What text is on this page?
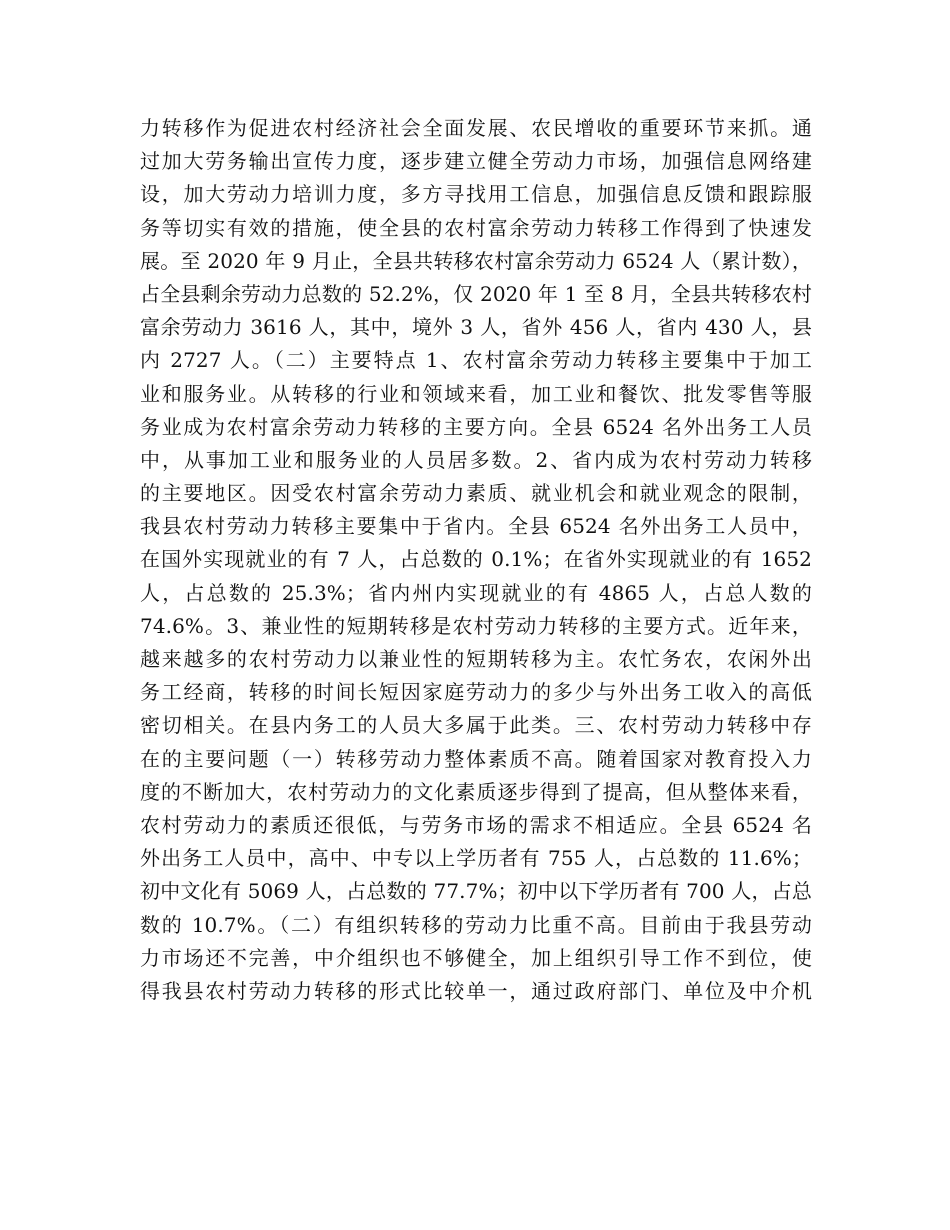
力转移作为促进农村经济社会全面发展、农民增收的重要环节来抓。通
过加大劳务输出宣传力度，逐步建立健全劳动力市场，加强信息网络建
设，加大劳动力培训力度，多方寻找用工信息，加强信息反馈和跟踪服
务等切实有效的措施，使全县的农村富余劳动力转移工作得到了快速发
展。至 2020 年 9 月止，全县共转移农村富余劳动力 6524 人（累计数），
占全县剩余劳动力总数的 52.2%，仅 2020 年 1 至 8 月，全县共转移农村
富余劳动力 3616 人，其中，境外 3 人，省外 456 人，省内 430 人，县
内 2727 人。（二）主要特点 1、农村富余劳动力转移主要集中于加工
业和服务业。从转移的行业和领域来看，加工业和餐饮、批发零售等服
务业成为农村富余劳动力转移的主要方向。全县 6524 名外出务工人员
中，从事加工业和服务业的人员居多数。2、省内成为农村劳动力转移
的主要地区。因受农村富余劳动力素质、就业机会和就业观念的限制，
我县农村劳动力转移主要集中于省内。全县 6524 名外出务工人员中，
在国外实现就业的有 7 人，占总数的 0.1%；在省外实现就业的有 1652
人，占总数的 25.3%；省内州内实现就业的有 4865 人，占总人数的
74.6%。3、兼业性的短期转移是农村劳动力转移的主要方式。近年来，
越来越多的农村劳动力以兼业性的短期转移为主。农忙务农，农闲外出
务工经商，转移的时间长短因家庭劳动力的多少与外出务工收入的高低
密切相关。在县内务工的人员大多属于此类。三、农村劳动力转移中存
在的主要问题（一）转移劳动力整体素质不高。随着国家对教育投入力
度的不断加大，农村劳动力的文化素质逐步得到了提高，但从整体来看，
农村劳动力的素质还很低，与劳务市场的需求不相适应。全县 6524 名
外出务工人员中，高中、中专以上学历者有 755 人，占总数的 11.6%；
初中文化有 5069 人，占总数的 77.7%；初中以下学历者有 700 人，占总
数的 10.7%。（二）有组织转移的劳动力比重不高。目前由于我县劳动
力市场还不完善，中介组织也不够健全，加上组织引导工作不到位，使
得我县农村劳动力转移的形式比较单一，通过政府部门、单位及中介机
